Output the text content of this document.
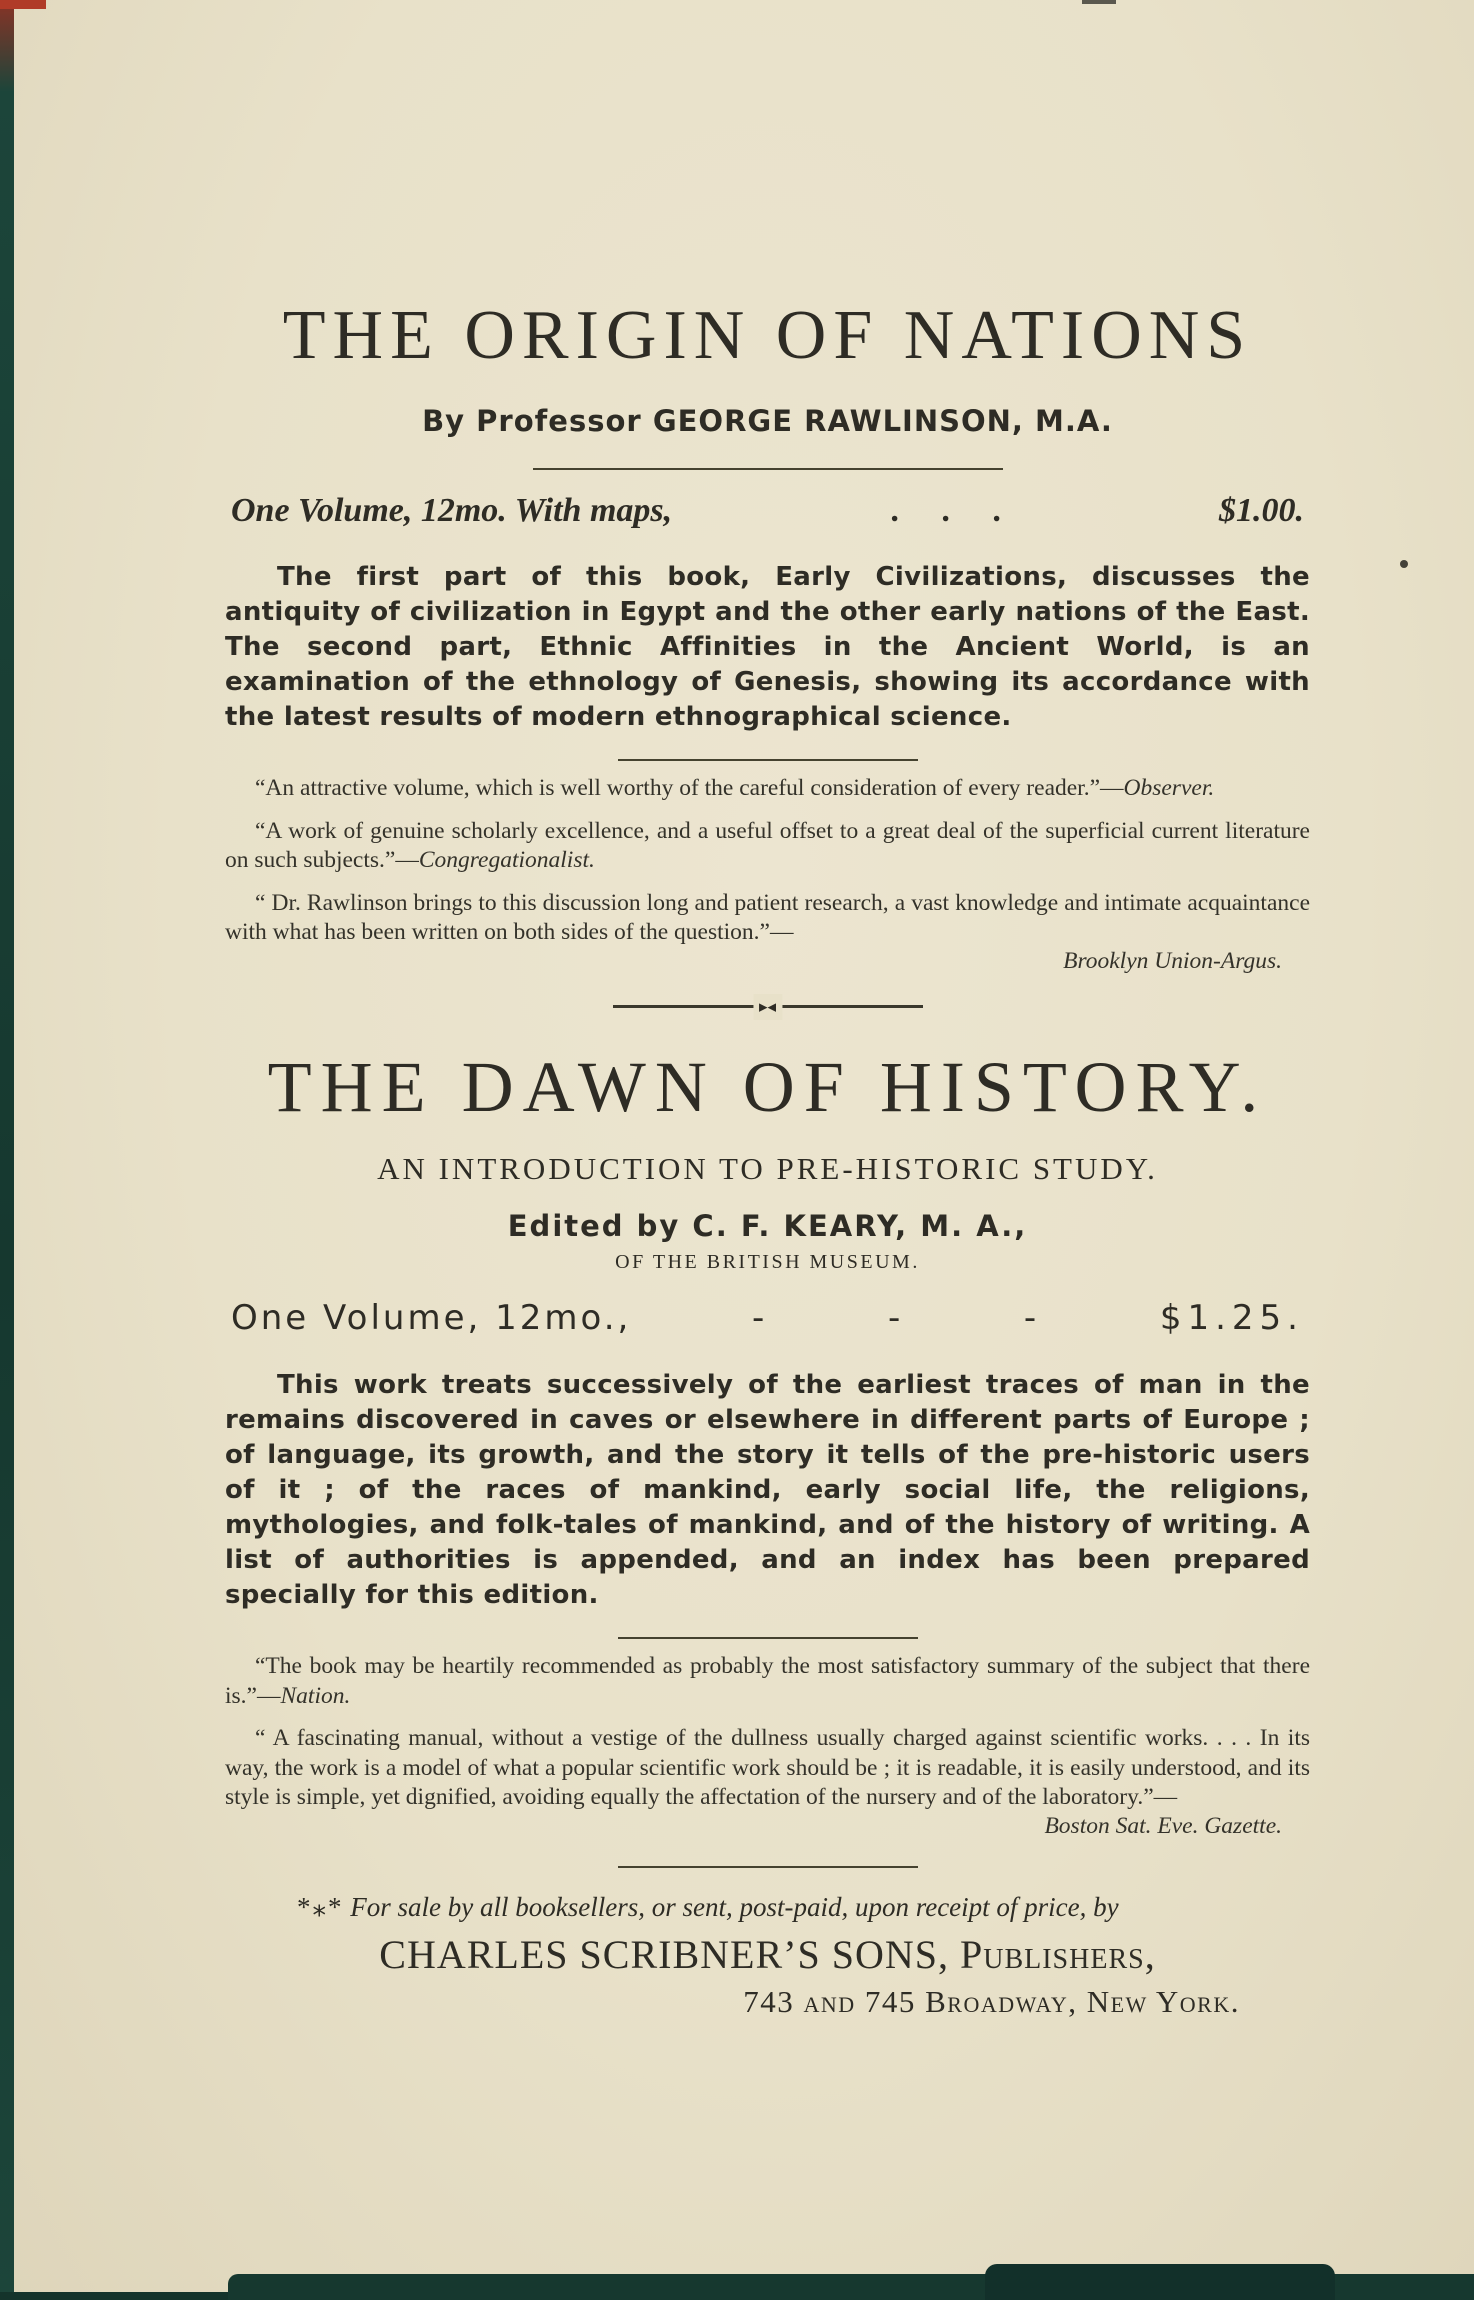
THE ORIGIN OF NATIONS

By Professor GEORGE RAWLINSON, M.A.

One Volume, 12mo. With maps,	. . .	$1.00.

The first part of this book, Early Civilizations, discusses the antiquity of civilization in Egypt and the other early nations of the East. The second part, Ethnic Affinities in the Ancient World, is an examination of the ethnology of Genesis, showing its accordance with the latest results of modern ethnographical science.

“An attractive volume, which is well worthy of the careful consideration of every reader.”—Observer.

“A work of genuine scholarly excellence, and a useful offset to a great deal of the superficial current literature on such subjects.”—Congregationalist.

“ Dr. Rawlinson brings to this discussion long and patient research, a vast knowledge and intimate acquaintance with what has been written on both sides of the question.”—
Brooklyn Union-Argus.
▸◂
THE DAWN OF HISTORY.

AN INTRODUCTION TO PRE-HISTORIC STUDY.

Edited by C. F. KEARY, M. A.,

OF THE BRITISH MUSEUM.

One Volume, 12mo.,	-	-	-	$1.25.

This work treats successively of the earliest traces of man in the remains discovered in caves or elsewhere in different parts of Europe ; of language, its growth, and the story it tells of the pre-historic users of it ; of the races of mankind, early social life, the religions, mythologies, and folk-tales of mankind, and of the history of writing. A list of authorities is appended, and an index has been prepared specially for this edition.

“The book may be heartily recommended as probably the most satisfactory summary of the subject that there is.”—Nation.

“ A fascinating manual, without a vestige of the dullness usually charged against scientific works. . . . In its way, the work is a model of what a popular scientific work should be ; it is readable, it is easily understood, and its style is simple, yet dignified, avoiding equally the affectation of the nursery and of the laboratory.”—
Boston Sat. Eve. Gazette.

*⁎* For sale by all booksellers, or sent, post-paid, upon receipt of price, by

CHARLES SCRIBNER’S SONS, Publishers,

743 and 745 Broadway, New York.
